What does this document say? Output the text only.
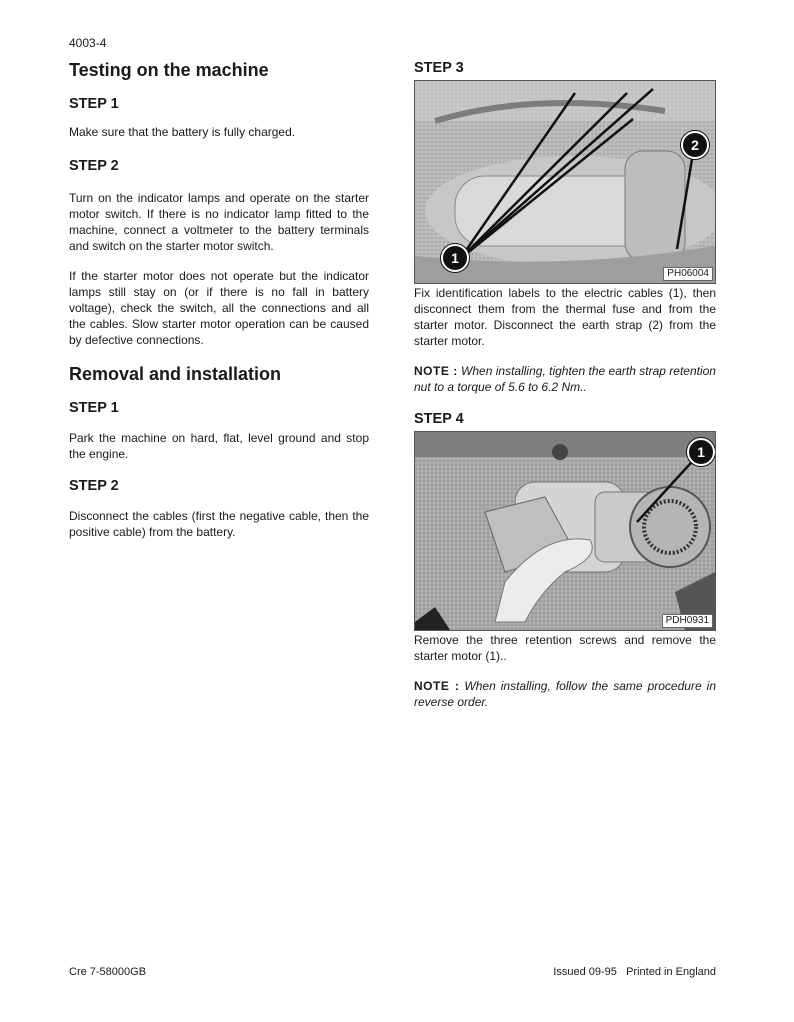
4003-4
Testing on the machine
STEP 1

Make sure that the battery is fully charged.

STEP 2

Turn on the indicator lamps and operate on the starter motor switch. If there is no indicator lamp fitted to the machine, connect a voltmeter to the battery terminals and switch on the starter motor switch.

If the starter motor does not operate but the indicator lamps still stay on (or if there is no fall in battery voltage), check the switch, all the connections and all the cables. Slow starter motor operation can be caused by defective connections.

Removal and installation
STEP 1

Park the machine on hard, flat, level ground and stop the engine.

STEP 2

Disconnect the cables (first the negative cable, then the positive cable) from the battery.

STEP 3
1
2
PH06004

Fix identification labels to the electric cables (1), then disconnect them from the thermal fuse and from the starter motor. Disconnect the earth strap (2) from the starter motor.

NOTE : When installing, tighten the earth strap retention nut to a torque of 5.6 to 6.2 Nm..

STEP 4
1
PDH0931

Remove the three retention screws and remove the starter motor (1)..

NOTE : When installing, follow the same procedure in reverse order.

Cre 7-58000GB	Issued 09-95 Printed in England
